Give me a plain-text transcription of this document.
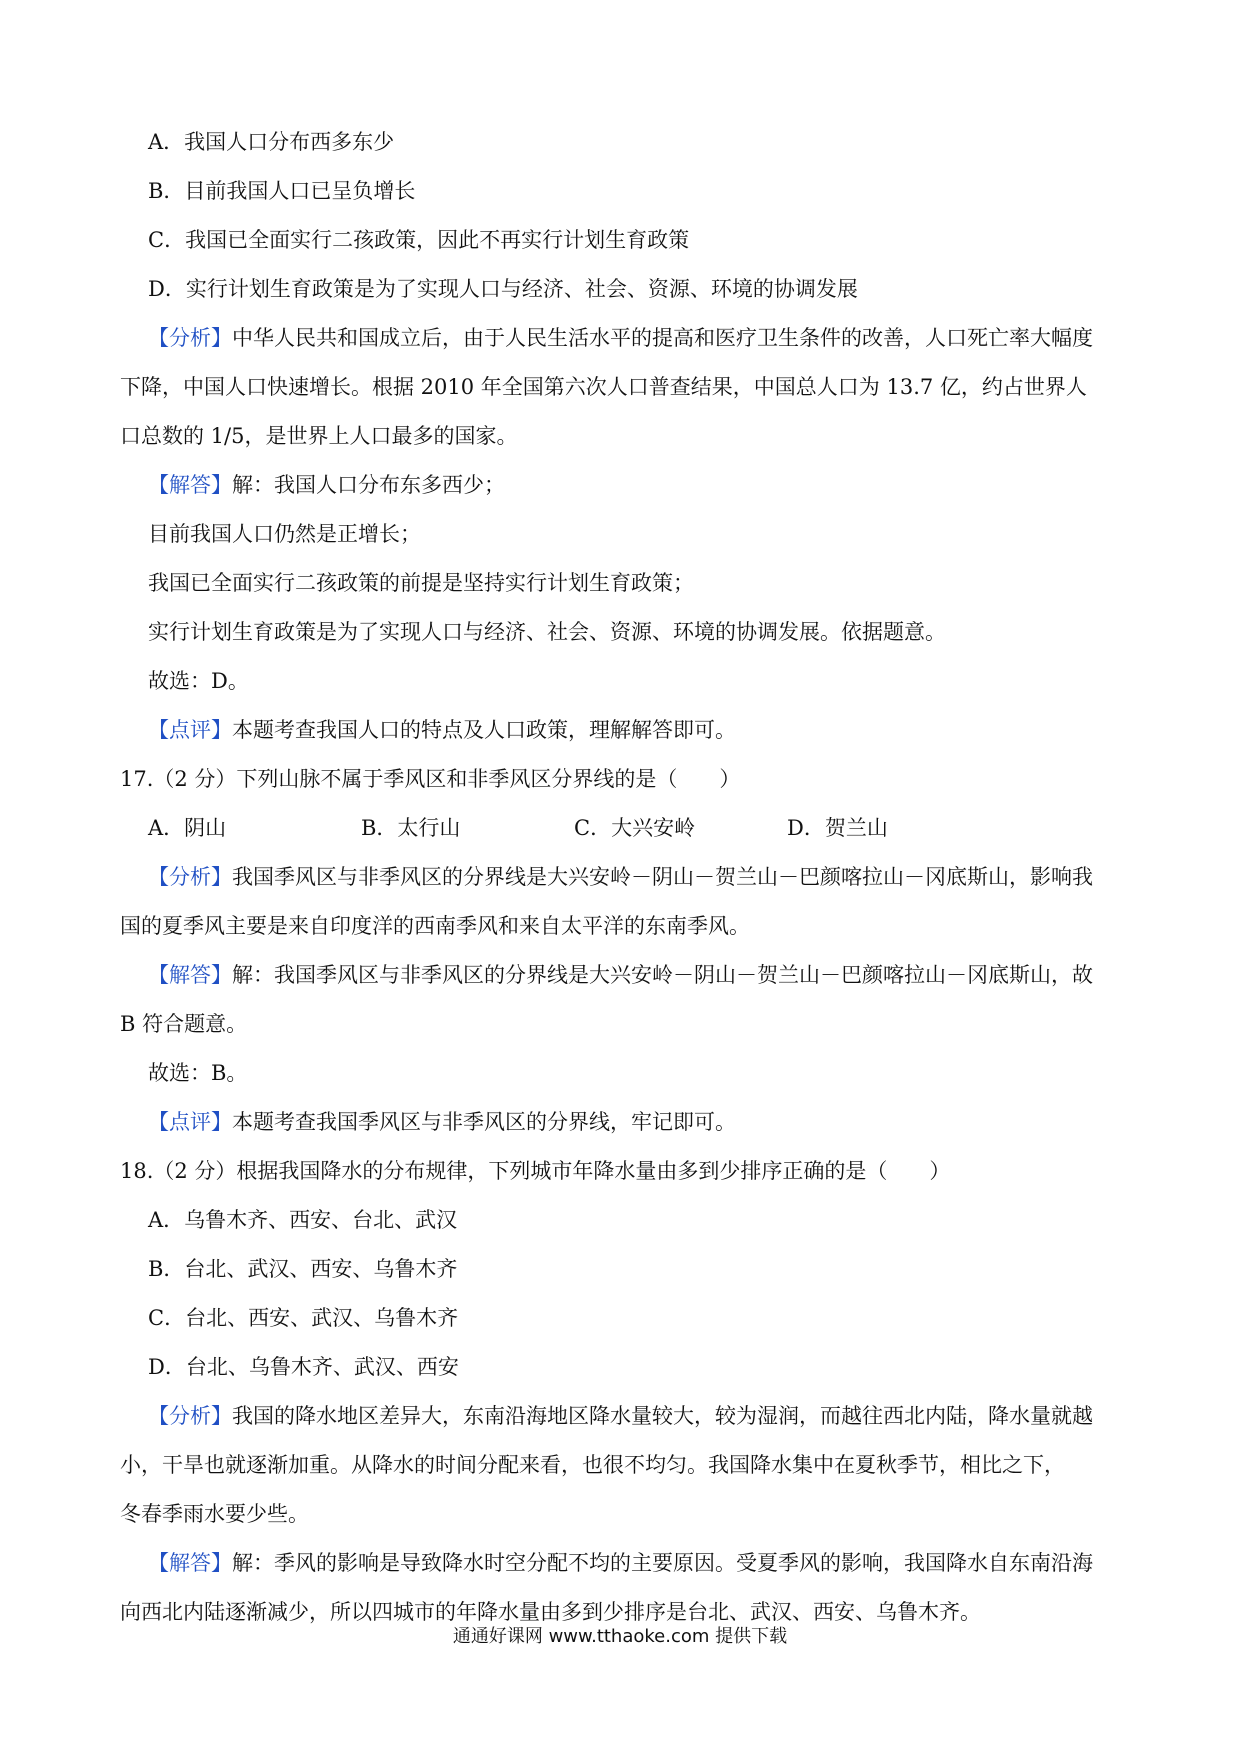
A．我国人口分布西多东少
B．目前我国人口已呈负增长
C．我国已全面实行二孩政策，因此不再实行计划生育政策
D．实行计划生育政策是为了实现人口与经济、社会、资源、环境的协调发展
【分析】中华人民共和国成立后，由于人民生活水平的提高和医疗卫生条件的改善，人口死亡率大幅度
下降，中国人口快速增长。根据 2010 年全国第六次人口普查结果，中国总人口为 13.7 亿，约占世界人
口总数的 1/5，是世界上人口最多的国家。
【解答】解：我国人口分布东多西少；
目前我国人口仍然是正增长；
我国已全面实行二孩政策的前提是坚持实行计划生育政策；
实行计划生育政策是为了实现人口与经济、社会、资源、环境的协调发展。依据题意。
故选：D。
【点评】本题考查我国人口的特点及人口政策，理解解答即可。
17.（2 分）下列山脉不属于季风区和非季风区分界线的是（　　）
A．阴山	B．太行山	C．大兴安岭	D．贺兰山
【分析】我国季风区与非季风区的分界线是大兴安岭－阴山－贺兰山－巴颜喀拉山－冈底斯山，影响我
国的夏季风主要是来自印度洋的西南季风和来自太平洋的东南季风。
【解答】解：我国季风区与非季风区的分界线是大兴安岭－阴山－贺兰山－巴颜喀拉山－冈底斯山，故
B 符合题意。
故选：B。
【点评】本题考查我国季风区与非季风区的分界线，牢记即可。
18.（2 分）根据我国降水的分布规律，下列城市年降水量由多到少排序正确的是（　　）
A．乌鲁木齐、西安、台北、武汉
B．台北、武汉、西安、乌鲁木齐
C．台北、西安、武汉、乌鲁木齐
D．台北、乌鲁木齐、武汉、西安
【分析】我国的降水地区差异大，东南沿海地区降水量较大，较为湿润，而越往西北内陆，降水量就越
小，干旱也就逐渐加重。从降水的时间分配来看，也很不均匀。我国降水集中在夏秋季节，相比之下，
冬春季雨水要少些。
【解答】解：季风的影响是导致降水时空分配不均的主要原因。受夏季风的影响，我国降水自东南沿海
向西北内陆逐渐减少，所以四城市的年降水量由多到少排序是台北、武汉、西安、乌鲁木齐。
通通好课网 www.tthaoke.com 提供下载
